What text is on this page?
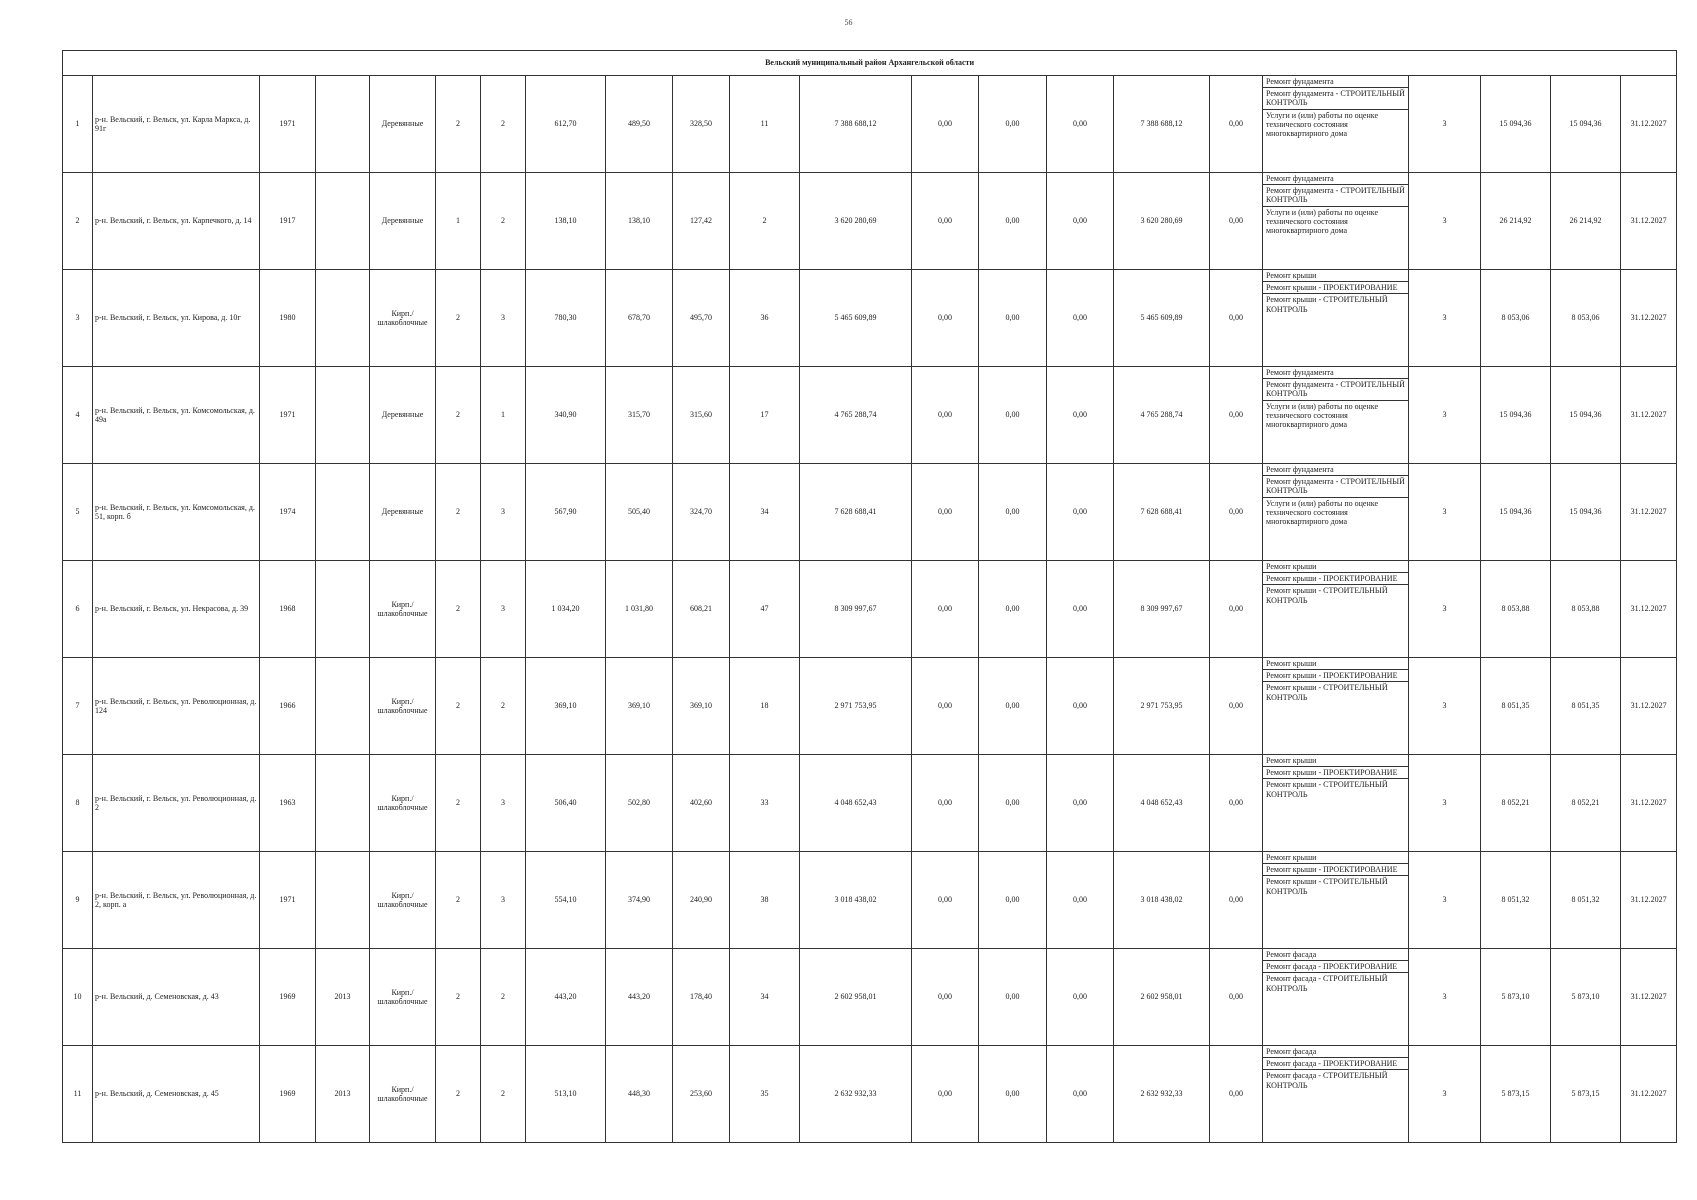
56
Вельский муниципальный район Архангельской области																					
1	р-н. Вельский, г. Вельск, ул. Карла Маркса, д. 91г	1971		Деревянные	2	2	612,70	489,50	328,50	11	7 388 688,12	0,00	0,00	0,00	7 388 688,12	0,00	Ремонт фундамента
Ремонт фундамента - СТРОИТЕЛЬНЫЙ КОНТРОЛЬ
Услуги и (или) работы по оценке технического состояния многоквартирного дома	3	15 094,36	15 094,36	31.12.2027
2	р-н. Вельский, г. Вельск, ул. Карпечкого, д. 14	1917		Деревянные	1	2	138,10	138,10	127,42	2	3 620 280,69	0,00	0,00	0,00	3 620 280,69	0,00	Ремонт фундамента
Ремонт фундамента - СТРОИТЕЛЬНЫЙ КОНТРОЛЬ
Услуги и (или) работы по оценке технического состояния многоквартирного дома	3	26 214,92	26 214,92	31.12.2027
3	р-н. Вельский, г. Вельск, ул. Кирова, д. 10г	1980		Кирп./шлакоблочные	2	3	780,30	678,70	495,70	36	5 465 609,89	0,00	0,00	0,00	5 465 609,89	0,00	Ремонт крыши
Ремонт крыши - ПРОЕКТИРОВАНИЕ
Ремонт крыши - СТРОИТЕЛЬНЫЙ КОНТРОЛЬ	3	8 053,06	8 053,06	31.12.2027
4	р-н. Вельский, г. Вельск, ул. Комсомольская, д. 49а	1971		Деревянные	2	1	340,90	315,70	315,60	17	4 765 288,74	0,00	0,00	0,00	4 765 288,74	0,00	Ремонт фундамента
Ремонт фундамента - СТРОИТЕЛЬНЫЙ КОНТРОЛЬ
Услуги и (или) работы по оценке технического состояния многоквартирного дома	3	15 094,36	15 094,36	31.12.2027
5	р-н. Вельский, г. Вельск, ул. Комсомольская, д. 51, корп. б	1974		Деревянные	2	3	567,90	505,40	324,70	34	7 628 688,41	0,00	0,00	0,00	7 628 688,41	0,00	Ремонт фундамента
Ремонт фундамента - СТРОИТЕЛЬНЫЙ КОНТРОЛЬ
Услуги и (или) работы по оценке технического состояния многоквартирного дома	3	15 094,36	15 094,36	31.12.2027
6	р-н. Вельский, г. Вельск, ул. Некрасова, д. 39	1968		Кирп./шлакоблочные	2	3	1 034,20	1 031,80	608,21	47	8 309 997,67	0,00	0,00	0,00	8 309 997,67	0,00	Ремонт крыши
Ремонт крыши - ПРОЕКТИРОВАНИЕ
Ремонт крыши - СТРОИТЕЛЬНЫЙ КОНТРОЛЬ	3	8 053,88	8 053,88	31.12.2027
7	р-н. Вельский, г. Вельск, ул. Революционная, д. 124	1966		Кирп./шлакоблочные	2	2	369,10	369,10	369,10	18	2 971 753,95	0,00	0,00	0,00	2 971 753,95	0,00	Ремонт крыши
Ремонт крыши - ПРОЕКТИРОВАНИЕ
Ремонт крыши - СТРОИТЕЛЬНЫЙ КОНТРОЛЬ	3	8 051,35	8 051,35	31.12.2027
8	р-н. Вельский, г. Вельск, ул. Революционная, д. 2	1963		Кирп./шлакоблочные	2	3	506,40	502,80	402,60	33	4 048 652,43	0,00	0,00	0,00	4 048 652,43	0,00	Ремонт крыши
Ремонт крыши - ПРОЕКТИРОВАНИЕ
Ремонт крыши - СТРОИТЕЛЬНЫЙ КОНТРОЛЬ	3	8 052,21	8 052,21	31.12.2027
9	р-н. Вельский, г. Вельск, ул. Революционная, д. 2, корп. а	1971		Кирп./шлакоблочные	2	3	554,10	374,90	240,90	38	3 018 438,02	0,00	0,00	0,00	3 018 438,02	0,00	Ремонт крыши
Ремонт крыши - ПРОЕКТИРОВАНИЕ
Ремонт крыши - СТРОИТЕЛЬНЫЙ КОНТРОЛЬ	3	8 051,32	8 051,32	31.12.2027
10	р-н. Вельский, д. Семеновская, д. 43	1969	2013	Кирп./шлакоблочные	2	2	443,20	443,20	178,40	34	2 602 958,01	0,00	0,00	0,00	2 602 958,01	0,00	Ремонт фасада
Ремонт фасада - ПРОЕКТИРОВАНИЕ
Ремонт фасада - СТРОИТЕЛЬНЫЙ КОНТРОЛЬ	3	5 873,10	5 873,10	31.12.2027
11	р-н. Вельский, д. Семеновская, д. 45	1969	2013	Кирп./шлакоблочные	2	2	513,10	448,30	253,60	35	2 632 932,33	0,00	0,00	0,00	2 632 932,33	0,00	Ремонт фасада
Ремонт фасада - ПРОЕКТИРОВАНИЕ
Ремонт фасада - СТРОИТЕЛЬНЫЙ КОНТРОЛЬ	3	5 873,15	5 873,15	31.12.2027
